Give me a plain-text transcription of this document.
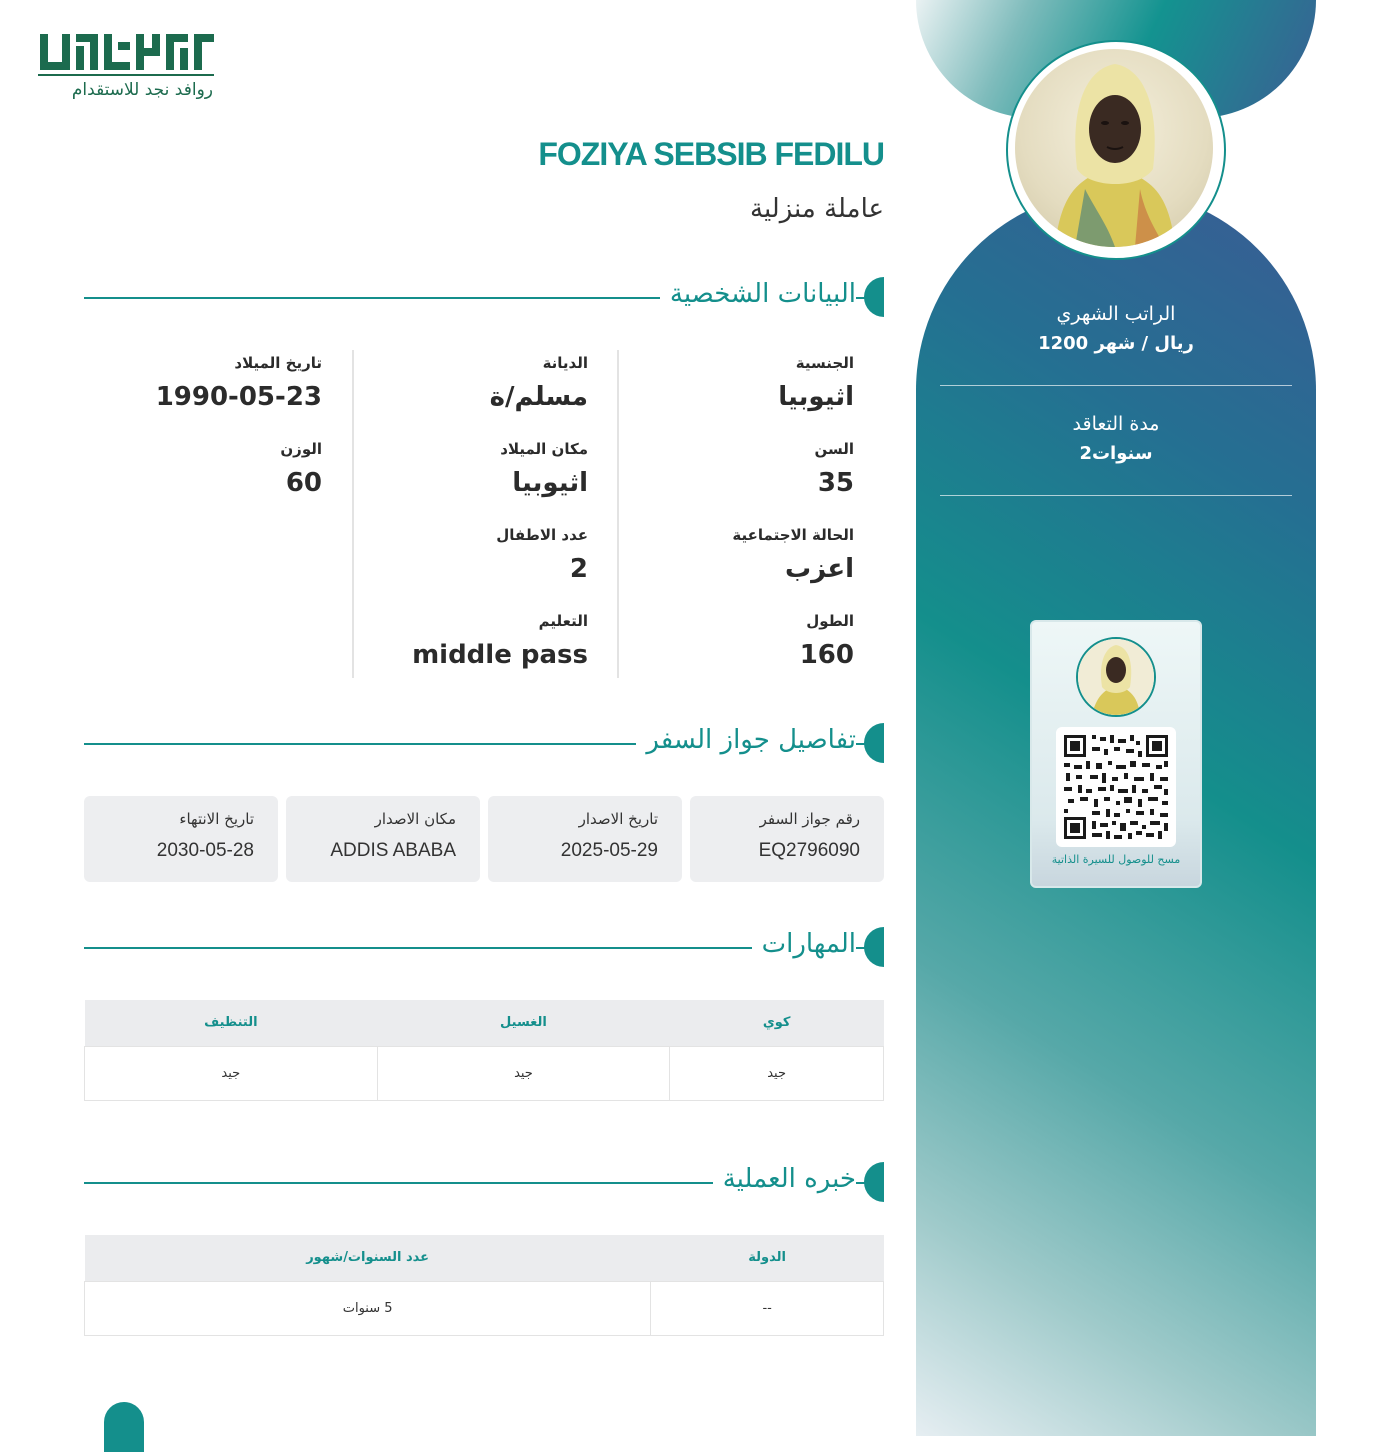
الراتب الشهري
1200 ريال / شهر
مدة التعاقد
2سنوات
مسح للوصول للسيرة الذاتية
روافد نجد للاستقدام
FOZIYA SEBSIB FEDILU
عاملة منزلية
البيانات الشخصية
الجنسية
اثيوبيا
السن
35
الحالة الاجتماعية
اعزب
الطول
160
الديانة
مسلم/ة
مكان الميلاد
اثيوبيا
عدد الاطفال
2
التعليم
middle pass
تاريخ الميلاد
1990-05-23
الوزن
60
تفاصيل جواز السفر
رقم جواز السفر
EQ2796090
تاريخ الاصدار
2025-05-29
مكان الاصدار
ADDIS ABABA
تاريخ الانتهاء
2030-05-28
المهارات
كوي	الغسيل	التنظيف
جيد	جيد	جيد
خبره العملية
الدولة	عدد السنوات/شهور
--	5 سنوات
